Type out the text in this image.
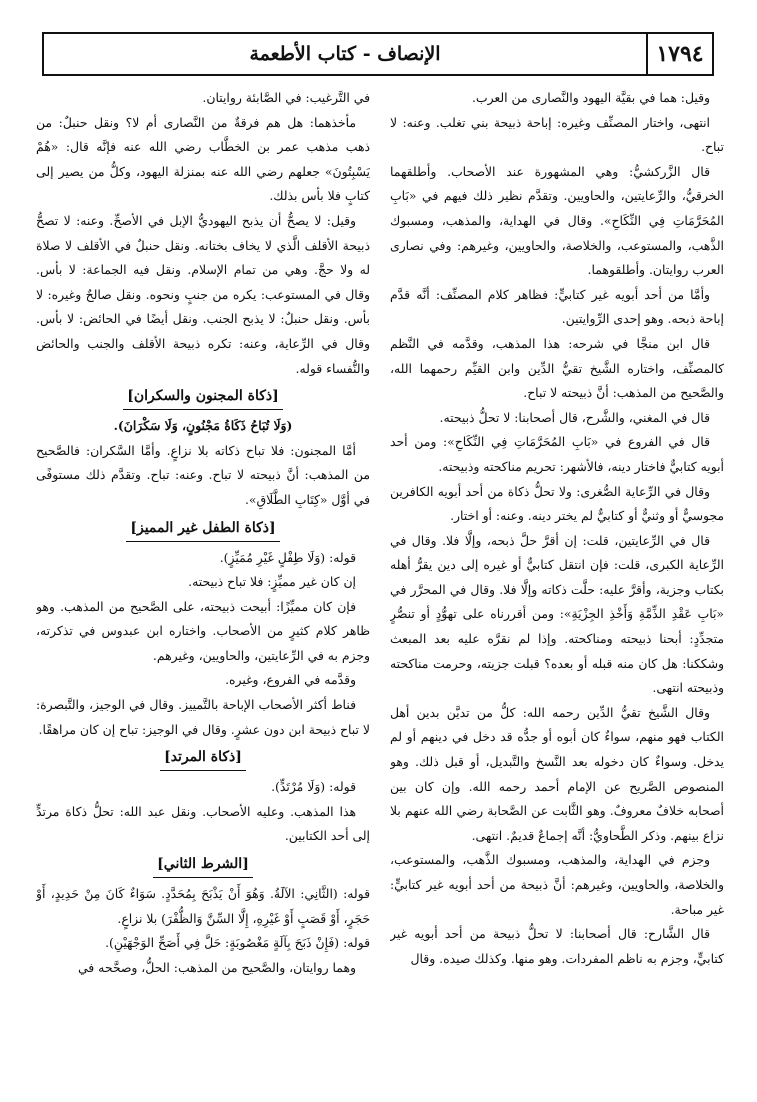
١٧٩٤
الإنصاف - كتاب الأطعمة

وقيل: هما في بقيَّة اليهود والنَّصارى من العرب.

انتهى، واختار المصنِّف وغيره: إباحة ذبيحة بني تغلب. وعنه: لا تباح.

قال الزَّركشيُّ: وهي المشهورة عند الأصحاب. وأطلقهما الخرقيُّ، والرِّعايتين، والحاويين. وتقدَّم نظير ذلك فيهم في «بَابِ المُحَرَّمَاتِ فِي النِّكَاحِ». وقال في الهداية، والمذهب، ومسبوك الذَّهب، والمستوعب، والخلاصة، والحاويين، وغيرهم: وفي نصارى العرب روايتان. وأطلقوهما.

وأمَّا من أحد أبويه غير كتابيٍّ: فظاهر كلام المصنِّف: أنَّه قدَّم إباحة ذبحه. وهو إحدى الرِّوايتين.

قال ابن منجَّا في شرحه: هذا المذهب، وقدَّمه في النَّظم كالمصنِّف، واختاره الشَّيخ تقيُّ الدِّين وابن القيِّم رحمهما الله، والصَّحيح من المذهب: أنَّ ذبيحته لا تباح.

قال في المغني، والشَّرح، قال أصحابنا: لا تحلُّ ذبيحته.

قال في الفروع في «بَابِ المُحَرَّمَاتِ فِي النِّكَاحِ»: ومن أحد أبويه كتابيٌّ فاختار دينه، فالأشهر: تحريم مناكحته وذبيحته.

وقال في الرِّعاية الصُّغرى: ولا تحلُّ ذكاة من أحد أبويه الكافرين مجوسيٌّ أو وثنيٌّ أو كتابيٌّ لم يختر دينه. وعنه: أو اختار.

قال في الرِّعايتين، قلت: إن أقرَّ حلَّ ذبحه، وإلَّا فلا. وقال في الرِّعاية الكبرى، قلت: فإن انتقل كتابيٌّ أو غيره إلى دين يقرُّ أهله بكتاب وجزية، وأقرَّ عليه: حلَّت ذكاته وإلَّا فلا. وقال في المحرَّر في «بَابِ عَقْدِ الذِّمَّةِ وَأَخْذِ الجِزْيَةِ»: ومن أقررناه على تهوُّدٍ أو تنصُّرٍ متجدِّدٍ: أبحنا ذبيحته ومناكحته. وإذا لم نقرَّه عليه بعد المبعث وشككنا: هل كان منه قبله أو بعده؟ قبلت جزيته، وحرمت مناكحته وذبيحته انتهى.

وقال الشَّيخ تقيُّ الدِّين رحمه الله: كلُّ من تديَّن بدين أهل الكتاب فهو منهم، سواءٌ كان أبوه أو جدُّه قد دخل في دينهم أو لم يدخل. وسواءٌ كان دخوله بعد النَّسخ والتَّبديل، أو قبل ذلك. وهو المنصوص الصَّريح عن الإمام أحمد رحمه الله. وإن كان بين أصحابه خلافٌ معروفٌ. وهو الثَّابت عن الصَّحابة رضي الله عنهم بلا نزاع بينهم. وذكر الطَّحاويُّ: أنَّه إجماعٌ قديمٌ. انتهى.

وجزم في الهداية، والمذهب، ومسبوك الذَّهب، والمستوعب، والخلاصة، والحاويين، وغيرهم: أنَّ ذبيحة من أحد أبويه غير كتابيٍّ: غير مباحة.

قال الشَّارح: قال أصحابنا: لا تحلُّ ذبيحة من أحد أبويه غير كتابيٍّ، وجزم به ناظم المفردات. وهو منها. وكذلك صيده. وقال

في التَّرغيب: في الصَّابئة روايتان.

مأخذهما: هل هم فرقةٌ من النَّصارى أم لا؟ ونقل حنبلٌ: من ذهب مذهب عمر بن الخطَّاب رضي الله عنه فإنَّه قال: «هُمْ يَسْبِتُونَ» جعلهم رضي الله عنه بمنزلة اليهود، وكلُّ من يصير إلى كتابٍ فلا بأس بذلك.

وقيل: لا يصحُّ أن يذبح اليهوديُّ الإبل في الأصحِّ. وعنه: لا تصحُّ ذبيحة الأقلف الَّذي لا يخاف بختانه. ونقل حنبلٌ في الأقلف لا صلاة له ولا حجَّ. وهي من تمام الإسلام. ونقل فيه الجماعة: لا بأس. وقال في المستوعب: يكره من جنبٍ ونحوه. ونقل صالحٌ وغيره: لا بأس. ونقل حنبلٌ: لا يذبح الجنب. ونقل أيضًا في الحائض: لا بأس. وقال في الرِّعاية، وعنه: تكره ذبيحة الأقلف والجنب والحائض والنُّفساء قوله.

[ذكاة المجنون والسكران]

(وَلَا تُبَاحُ ذَكَاةُ مَجْنُونٍ، وَلَا سَكْرَانَ).

أمَّا المجنون: فلا تباح ذكاته بلا نزاعٍ. وأمَّا السَّكران: فالصَّحيح من المذهب: أنَّ ذبيحته لا تباح. وعنه: تباح. وتقدَّم ذلك مستوفًى في أوَّل «كِتَابِ الطَّلَاقِ».

[ذكاة الطفل غير المميز]

قوله: (وَلَا طِفْلٍ غَيْرِ مُمَيِّزٍ).

إن كان غير مميِّزٍ: فلا تباح ذبيحته.

فإن كان مميِّزًا: أبيحت ذبيحته، على الصَّحيح من المذهب. وهو ظاهر كلام كثيرٍ من الأصحاب. واختاره ابن عبدوس في تذكرته، وجزم به في الرِّعايتين، والحاويين، وغيرهم.

وقدَّمه في الفروع، وغيره.

فناط أكثر الأصحاب الإباحة بالتَّمييز. وقال في الوجيز، والتَّبصرة: لا تباح ذبيحة ابن دون عشرٍ. وقال في الوجيز: تباح إن كان مراهقًا.

[ذكاة المرتد]

قوله: (وَلَا مُرْتَدٍّ).

هذا المذهب. وعليه الأصحاب. ونقل عبد الله: تحلُّ ذكاة مرتدٍّ إلى أحد الكتابين.

[الشرط الثاني]

قوله: (الثَّانِي: الآلَةُ. وَهُوَ أَنْ يَذْبَحَ بِمُحَدَّدٍ. سَوَاءٌ كَانَ مِنْ حَدِيدٍ، أَوْ حَجَرٍ، أَوْ قَصَبٍ أَوْ غَيْرِهِ، إِلَّا السِّنَّ وَالظُّفْرَ) بلا نزاعٍ.

قوله: (فَإِنْ ذَبَحَ بِآلَةٍ مَغْصُوبَةٍ: حَلَّ فِي أَصَحِّ الوَجْهَيْنِ).

وهما روايتان، والصَّحيح من المذهب: الحلُّ، وصحَّحه في
